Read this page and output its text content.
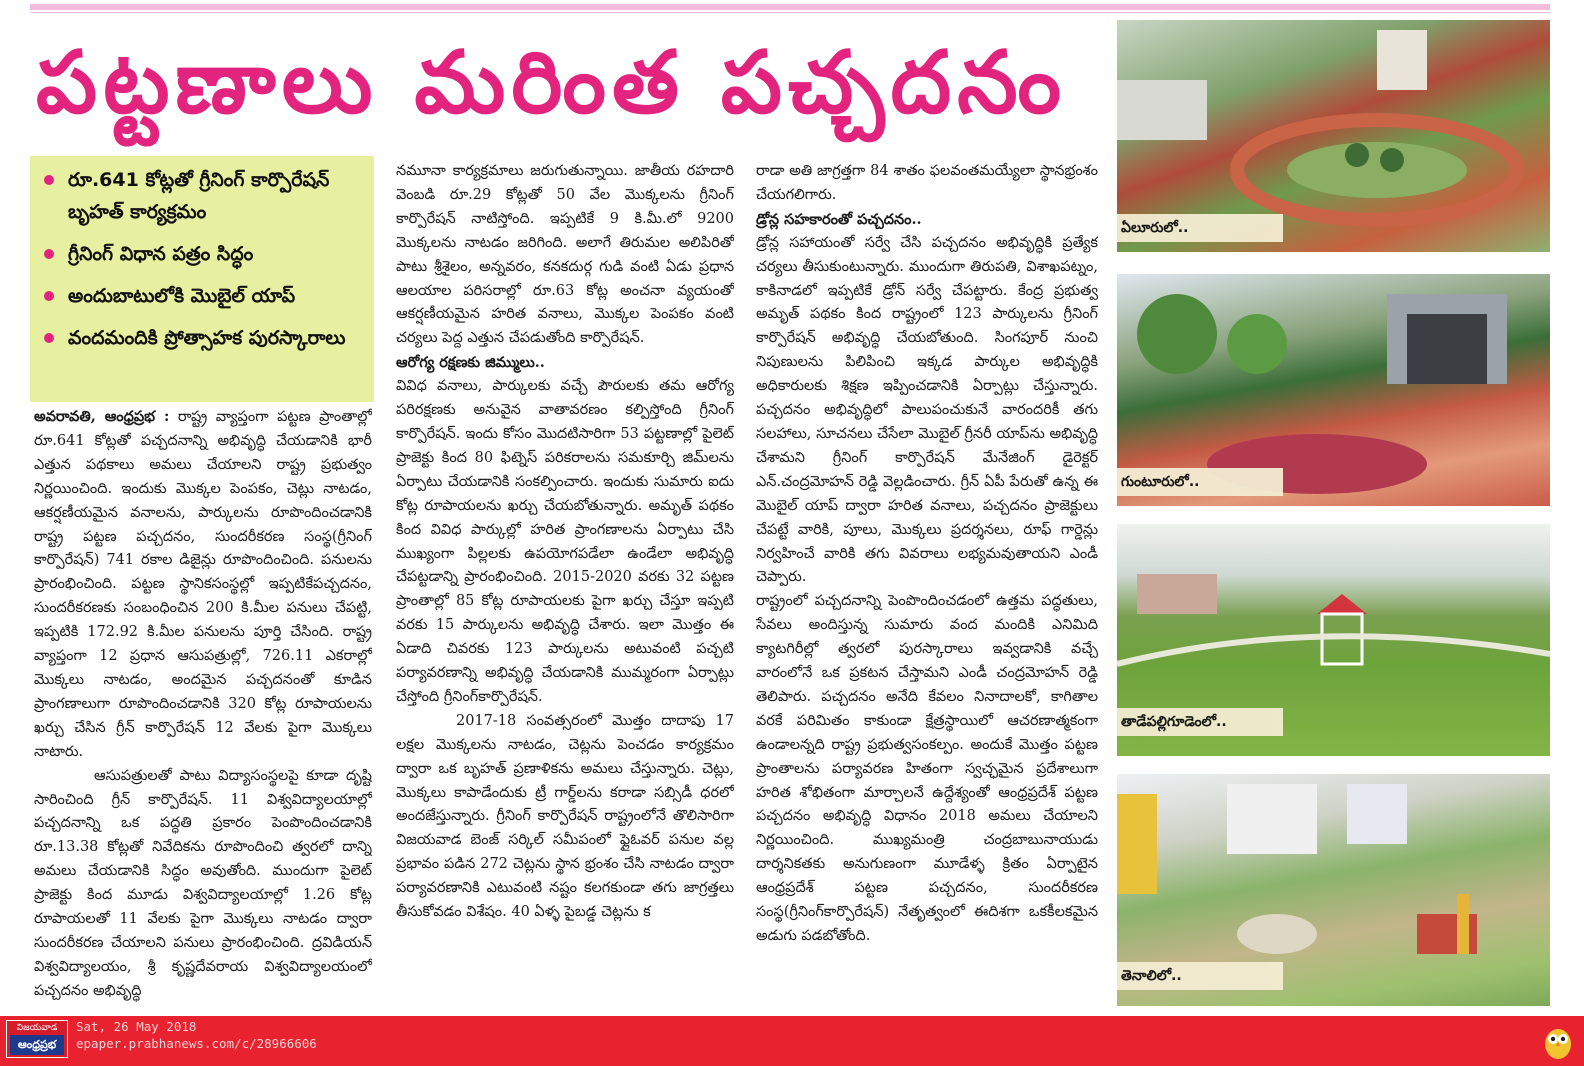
పట్టణాలు మరింత పచ్చదనం
రూ.641 కోట్లతో గ్రీనింగ్ కార్పొరేషన్ బృహత్ కార్యక్రమం
గ్రీనింగ్ విధాన పత్రం సిద్ధం
అందుబాటులోకి మొబైల్ యాప్
వందమందికి ప్రోత్సాహక పురస్కారాలు

అవరావతి, ఆంధ్రప్రభ : రాష్ట్ర వ్యాప్తంగా పట్టణ ప్రాంతాల్లో రూ.641 కోట్లతో పచ్చదనాన్ని అభివృద్ధి చేయడానికి భారీ ఎత్తున పథకాలు అమలు చేయాలని రాష్ట్ర ప్రభుత్వం నిర్ణయించింది. ఇందుకు మొక్కల పెంపకం, చెట్లు నాటడం, ఆకర్షణీయమైన వనాలను, పార్కులను రూపొందించడానికి రాష్ట్ర పట్టణ పచ్చదనం, సుందరీకరణ సంస్థ(గ్రీనింగ్ కార్పొరేషన్) 741 రకాల డిజైన్లు రూపొందించింది. పనులను ప్రారంభించింది. పట్టణ స్థానికసంస్థల్లో ఇప్పటికేపచ్చదనం, సుందరీకరణకు సంబంధించిన 200 కి.మీల పనులు చేపట్టి, ఇప్పటికి 172.92 కి.మీల పనులను పూర్తి చేసింది. రాష్ట్ర వ్యాప్తంగా 12 ప్రధాన ఆసుపత్రుల్లో, 726.11 ఎకరాల్లో మొక్కలు నాటడం, అందమైన పచ్చదనంతో కూడిన ప్రాంగణాలుగా రూపొందించడానికి 320 కోట్ల రూపాయలను ఖర్చు చేసిన గ్రీన్ కార్పొరేషన్ 12 వేలకు పైగా మొక్కలు నాటారు.

ఆసుపత్రులతో పాటు విద్యాసంస్థలపై కూడా దృష్టి సారించింది గ్రీన్ కార్పొరేషన్. 11 విశ్వవిద్యాలయాల్లో పచ్చదనాన్ని ఒక పద్ధతి ప్రకారం పెంపొందించడానికి రూ.13.38 కోట్లతో నివేదికను రూపొందించి త్వరలో దాన్ని అమలు చేయడానికి సిద్ధం అవుతోంది. ముందుగా పైలెట్ ప్రాజెక్టు కింద మూడు విశ్వవిద్యాలయాల్లో 1.26 కోట్ల రూపాయలతో 11 వేలకు పైగా మొక్కలు నాటడం ద్వారా సుందరీకరణ చేయాలని పనులు ప్రారంభించింది. ద్రవిడియన్ విశ్వవిద్యాలయం, శ్రీ కృష్ణదేవరాయ విశ్వవిద్యాలయంలో పచ్చదనం అభివృద్ధి

నమూనా కార్యక్రమాలు జరుగుతున్నాయి. జాతీయ రహదారి వెంబడి రూ.29 కోట్లతో 50 వేల మొక్కలను గ్రీనింగ్ కార్పొరేషన్ నాటిస్తోంది. ఇప్పటికే 9 కి.మీ.లో 9200 మొక్కలను నాటడం జరిగింది. అలాగే తిరుమల అలిపిరితో పాటు శ్రీశైలం, అన్నవరం, కనకదుర్గ గుడి వంటి ఏడు ప్రధాన ఆలయాల పరిసరాల్లో రూ.63 కోట్ల అంచనా వ్యయంతో ఆకర్షణీయమైన హరిత వనాలు, మొక్కల పెంపకం వంటి చర్యలు పెద్ద ఎత్తున చేపడుతోంది కార్పొరేషన్.

ఆరోగ్య రక్షణకు జిమ్ములు..

వివిధ వనాలు, పార్కులకు వచ్చే పౌరులకు తమ ఆరోగ్య పరిరక్షణకు అనువైన వాతావరణం కల్పిస్తోంది గ్రీనింగ్ కార్పొరేషన్. ఇందు కోసం మొదటిసారిగా 53 పట్టణాల్లో పైలెట్ ప్రాజెక్టు కింద 80 ఫిట్నెస్ పరికరాలను సమకూర్చి జిమ్‌లను ఏర్పాటు చేయడానికి సంకల్పించారు. ఇందుకు సుమారు ఐదు కోట్ల రూపాయలను ఖర్చు చేయబోతున్నారు. అమృత్ పథకం కింద వివిధ పార్కుల్లో హరిత ప్రాంగణాలను ఏర్పాటు చేసి ముఖ్యంగా పిల్లలకు ఉపయోగపడేలా ఉండేలా అభివృద్ధి చేపట్టడాన్ని ప్రారంభించింది. 2015-2020 వరకు 32 పట్టణ ప్రాంతాల్లో 85 కోట్ల రూపాయలకు పైగా ఖర్చు చేస్తూ ఇప్పటి వరకు 15 పార్కులను అభివృద్ధి చేశారు. ఇలా మొత్తం ఈ ఏడాది చివరకు 123 పార్కులను అటువంటి పచ్చటి పర్యావరణాన్ని అభివృద్ధి చేయడానికి ముమ్మరంగా ఏర్పాట్లు చేస్తోంది గ్రీనింగ్‌కార్పొరేషన్.

2017-18 సంవత్సరంలో మొత్తం దాదాపు 17 లక్షల మొక్కలను నాటడం, చెట్లను పెంచడం కార్యక్రమం ద్వారా ఒక బృహత్ ప్రణాళికను అమలు చేస్తున్నారు. చెట్లు, మొక్కలు కాపాడేందుకు ట్రీ గార్డ్‌లను కరాడా సబ్సిడీ ధరలో అందజేస్తున్నారు. గ్రీనింగ్ కార్పొరేషన్ రాష్ట్రంలోనే తొలిసారిగా విజయవాడ బెంజ్ సర్కిల్ సమీపంలో ఫ్లైఓవర్ పనుల వల్ల ప్రభావం పడిన 272 చెట్లను స్థాన భ్రంశం చేసి నాటడం ద్వారా పర్యావరణానికి ఎటువంటి నష్టం కలగకుండా తగు జాగ్రత్తలు తీసుకోవడం విశేషం. 40 ఏళ్ళ పైబడ్డ చెట్లను క

రాడా అతి జాగ్రత్తగా 84 శాతం ఫలవంతమయ్యేలా స్థానభ్రంశం చేయగలిగారు.

డ్రోన్ల సహకారంతో పచ్చదనం..

డ్రోన్ల సహాయంతో సర్వే చేసి పచ్చదనం అభివృద్ధికి ప్రత్యేక చర్యలు తీసుకుంటున్నారు. ముందుగా తిరుపతి, విశాఖపట్నం, కాకినాడలో ఇప్పటికే డ్రోన్ సర్వే చేపట్టారు. కేంద్ర ప్రభుత్వ అమృత్ పథకం కింద రాష్ట్రంలో 123 పార్కులను గ్రీనింగ్ కార్పొరేషన్ అభివృద్ధి చేయబోతుంది. సింగపూర్ నుంచి నిపుణులను పిలిపించి ఇక్కడ పార్కుల అభివృద్ధికి అధికారులకు శిక్షణ ఇప్పించడానికి ఏర్పాట్లు చేస్తున్నారు. పచ్చదనం అభివృద్ధిలో పాలుపంచుకునే వారందరికీ తగు సలహాలు, సూచనలు చేసేలా మొబైల్ గ్రీనరీ యాప్‌ను అభివృద్ధి చేశామని గ్రీనింగ్ కార్పొరేషన్ మేనేజింగ్ డైరెక్టర్ ఎన్.చంద్రమోహన్ రెడ్డి వెల్లడించారు. గ్రీన్ ఏపీ పేరుతో ఉన్న ఈ మొబైల్ యాప్ ద్వారా హరిత వనాలు, పచ్చదనం ప్రాజెక్టులు చేపట్టే వారికి, పూలు, మొక్కలు ప్రదర్శనలు, రూఫ్ గార్డెన్లు నిర్వహించే వారికి తగు వివరాలు లభ్యమవుతాయని ఎండీ చెప్పారు.

రాష్ట్రంలో పచ్చదనాన్ని పెంపొందించడంలో ఉత్తమ పద్ధతులు, సేవలు అందిస్తున్న సుమారు వంద మందికి ఎనిమిది క్యాటగిరీల్లో త్వరలో పురస్కారాలు ఇవ్వడానికి వచ్చే వారంలోనే ఒక ప్రకటన చేస్తామని ఎండీ చంద్రమోహన్ రెడ్డి తెలిపారు. పచ్చదనం అనేది కేవలం నినాదాలకో, కాగితాల వరకే పరిమితం కాకుండా క్షేత్రస్థాయిలో ఆచరణాత్మకంగా ఉండాలన్నది రాష్ట్ర ప్రభుత్వసంకల్పం. అందుకే మొత్తం పట్టణ ప్రాంతాలను పర్యావరణ హితంగా స్వచ్ఛమైన ప్రదేశాలుగా హరిత శోభితంగా మార్చాలనే ఉద్దేశ్యంతో ఆంధ్రప్రదేశ్ పట్టణ పచ్చదనం అభివృద్ధి విధానం 2018 అమలు చేయాలని నిర్ణయించింది. ముఖ్యమంత్రి చంద్రబాబునాయుడు దార్శనికతకు అనుగుణంగా మూడేళ్ళ క్రితం ఏర్పాటైన ఆంధ్రప్రదేశ్ పట్టణ పచ్చదనం, సుందరీకరణ సంస్థ(గ్రీనింగ్‌కార్పొరేషన్) నేతృత్వంలో ఈదిశగా ఒకకీలకమైన అడుగు పడబోతోంది.

ఏలూరులో..
గుంటూరులో..
తాడేపల్లిగూడెంలో..
తెనాలిలో..
విజయవాడ
ఆంధ్రప్రభ
Sat, 26 May 2018
epaper.prabhanews.com/c/28966606
